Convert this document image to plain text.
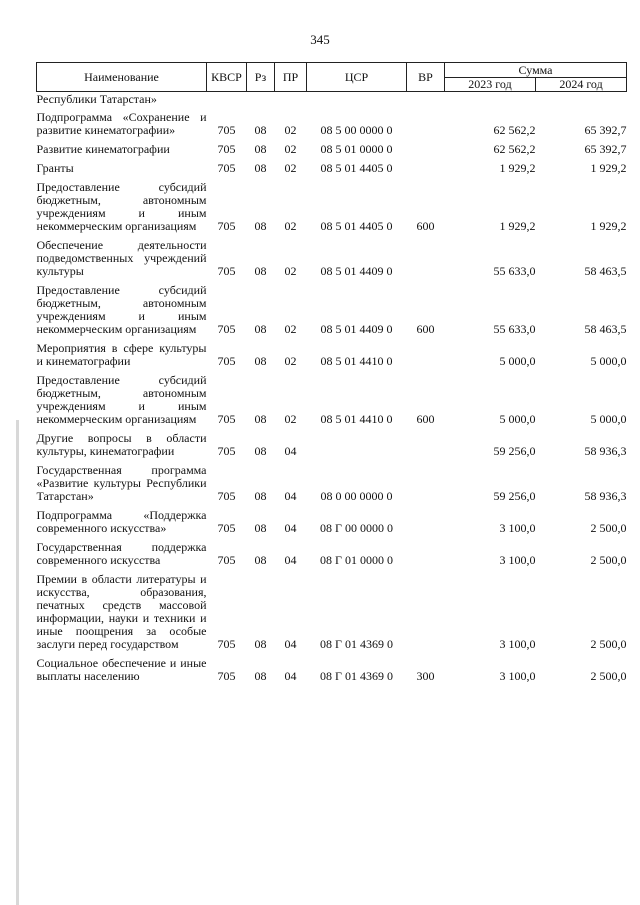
345
Наименование	КВСР	Рз	ПР	ЦСР	ВР	Сумма	
						2023 год	2024 год
Республики Татарстан»							
Подпрограмма «Сохранение и развитие кинематографии»	705	08	02	08 5 00 0000 0		62 562,2	65 392,7
Развитие кинематографии	705	08	02	08 5 01 0000 0		62 562,2	65 392,7
Гранты	705	08	02	08 5 01 4405 0		1 929,2	1 929,2
Предоставление субсидий бюджетным, автономным учреждениям и иным некоммерческим организациям	705	08	02	08 5 01 4405 0	600	1 929,2	1 929,2
Обеспечение деятельности подведомственных учреждений культуры	705	08	02	08 5 01 4409 0		55 633,0	58 463,5
Предоставление субсидий бюджетным, автономным учреждениям и иным некоммерческим организациям	705	08	02	08 5 01 4409 0	600	55 633,0	58 463,5
Мероприятия в сфере культуры и кинематографии	705	08	02	08 5 01 4410 0		5 000,0	5 000,0
Предоставление субсидий бюджетным, автономным учреждениям и иным некоммерческим организациям	705	08	02	08 5 01 4410 0	600	5 000,0	5 000,0
Другие вопросы в области культуры, кинематографии	705	08	04			59 256,0	58 936,3
Государственная программа «Развитие культуры Республики Татарстан»	705	08	04	08 0 00 0000 0		59 256,0	58 936,3
Подпрограмма «Поддержка современного искусства»	705	08	04	08 Г 00 0000 0		3 100,0	2 500,0
Государственная поддержка современного искусства	705	08	04	08 Г 01 0000 0		3 100,0	2 500,0
Премии в области литературы и искусства, образования, печатных средств массовой информации, науки и техники и иные поощрения за особые заслуги перед государством	705	08	04	08 Г 01 4369 0		3 100,0	2 500,0
Социальное обеспечение и иные выплаты населению	705	08	04	08 Г 01 4369 0	300	3 100,0	2 500,0
